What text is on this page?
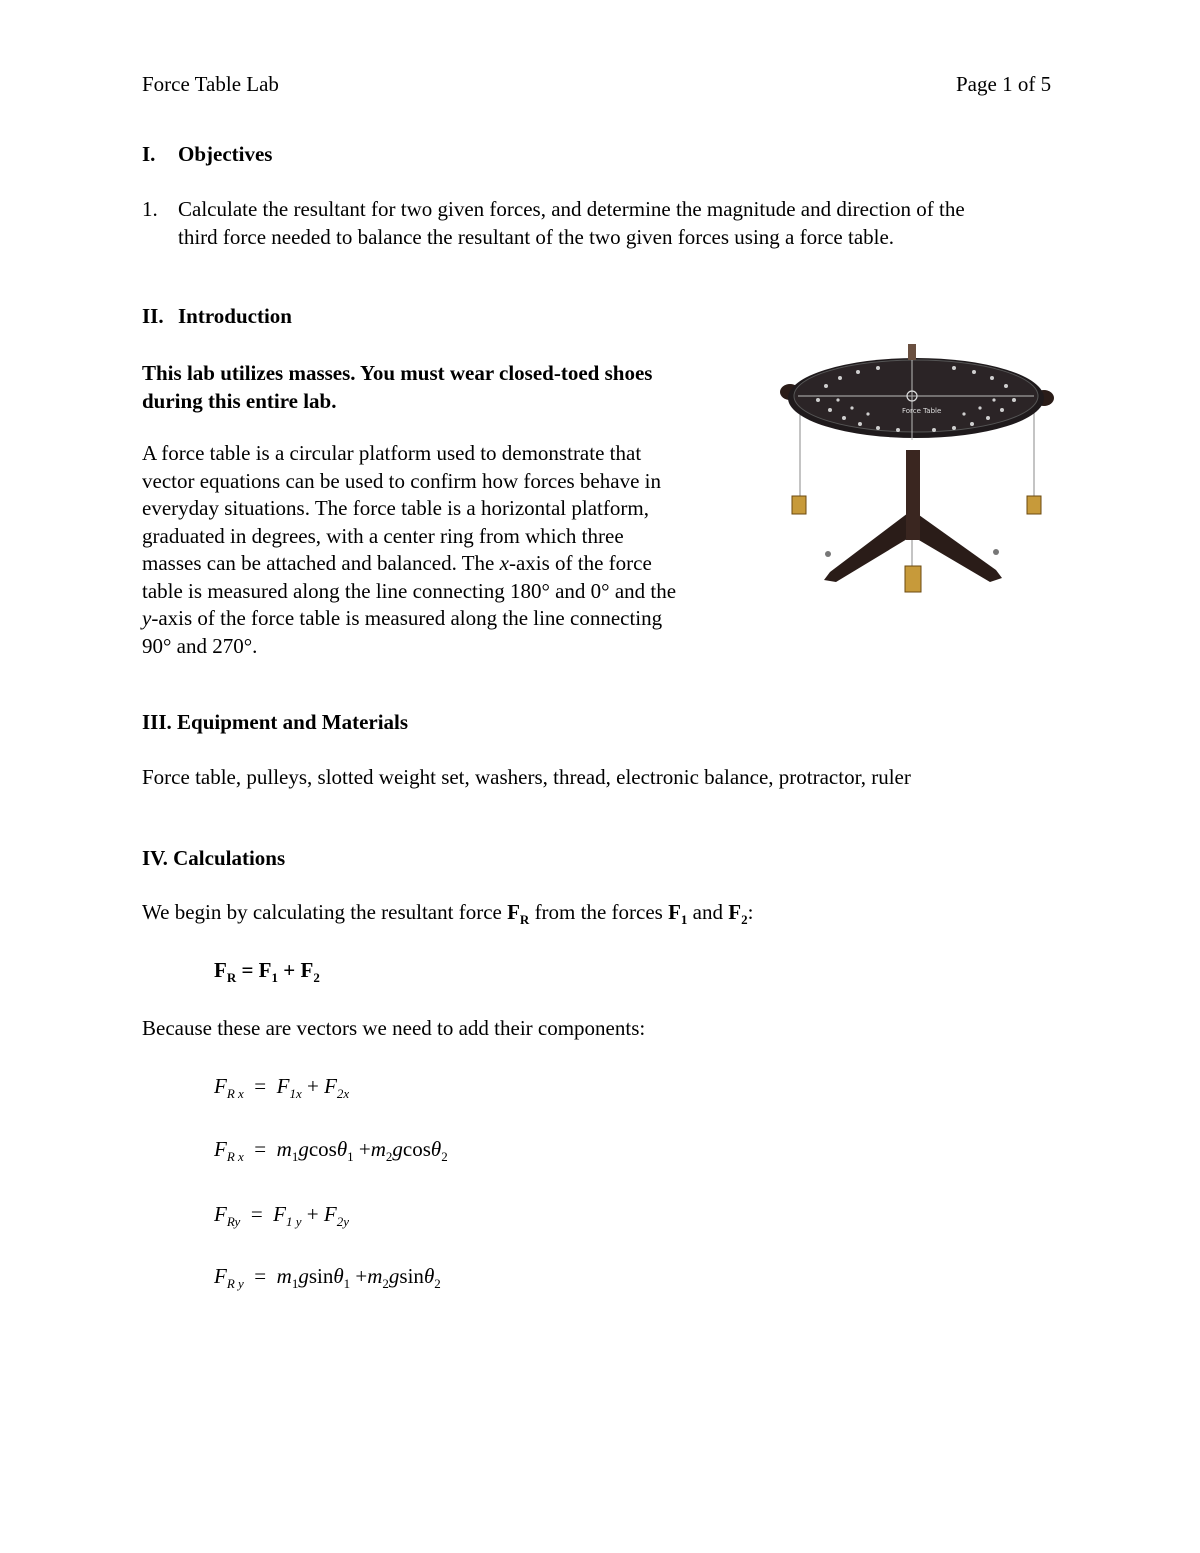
Force Table Lab	Page 1 of 5
I. Objectives
1. Calculate the resultant for two given forces, and determine the magnitude and direction of the
third force needed to balance the resultant of the two given forces using a force table.
II. Introduction
This lab utilizes masses. You must wear closed-toed shoes
during this entire lab.
A force table is a circular platform used to demonstrate that
vector equations can be used to confirm how forces behave in
everyday situations. The force table is a horizontal platform,
graduated in degrees, with a center ring from which three
masses can be attached and balanced. The x-axis of the force
table is measured along the line connecting 180° and 0° and the
y-axis of the force table is measured along the line connecting
90° and 270°.
Force Table
III. Equipment and Materials
Force table, pulleys, slotted weight set, washers, thread, electronic balance, protractor, ruler
IV. Calculations
We begin by calculating the resultant force $F_R$ from the forces $F_1$ and $F_2$:
$F_R = F_1 + F_2$
Because these are vectors we need to add their components:
$F_{R x} = F_{1x} + F_{2x}$
$F_{R x} = m_1gcos\theta_1 +m_2gcos\theta_2$
$F_{Ry} = F_{1 y} + F_{2y}$
$F_{R y} = m_1gsin\theta_1 +m_2gsin\theta_2$
